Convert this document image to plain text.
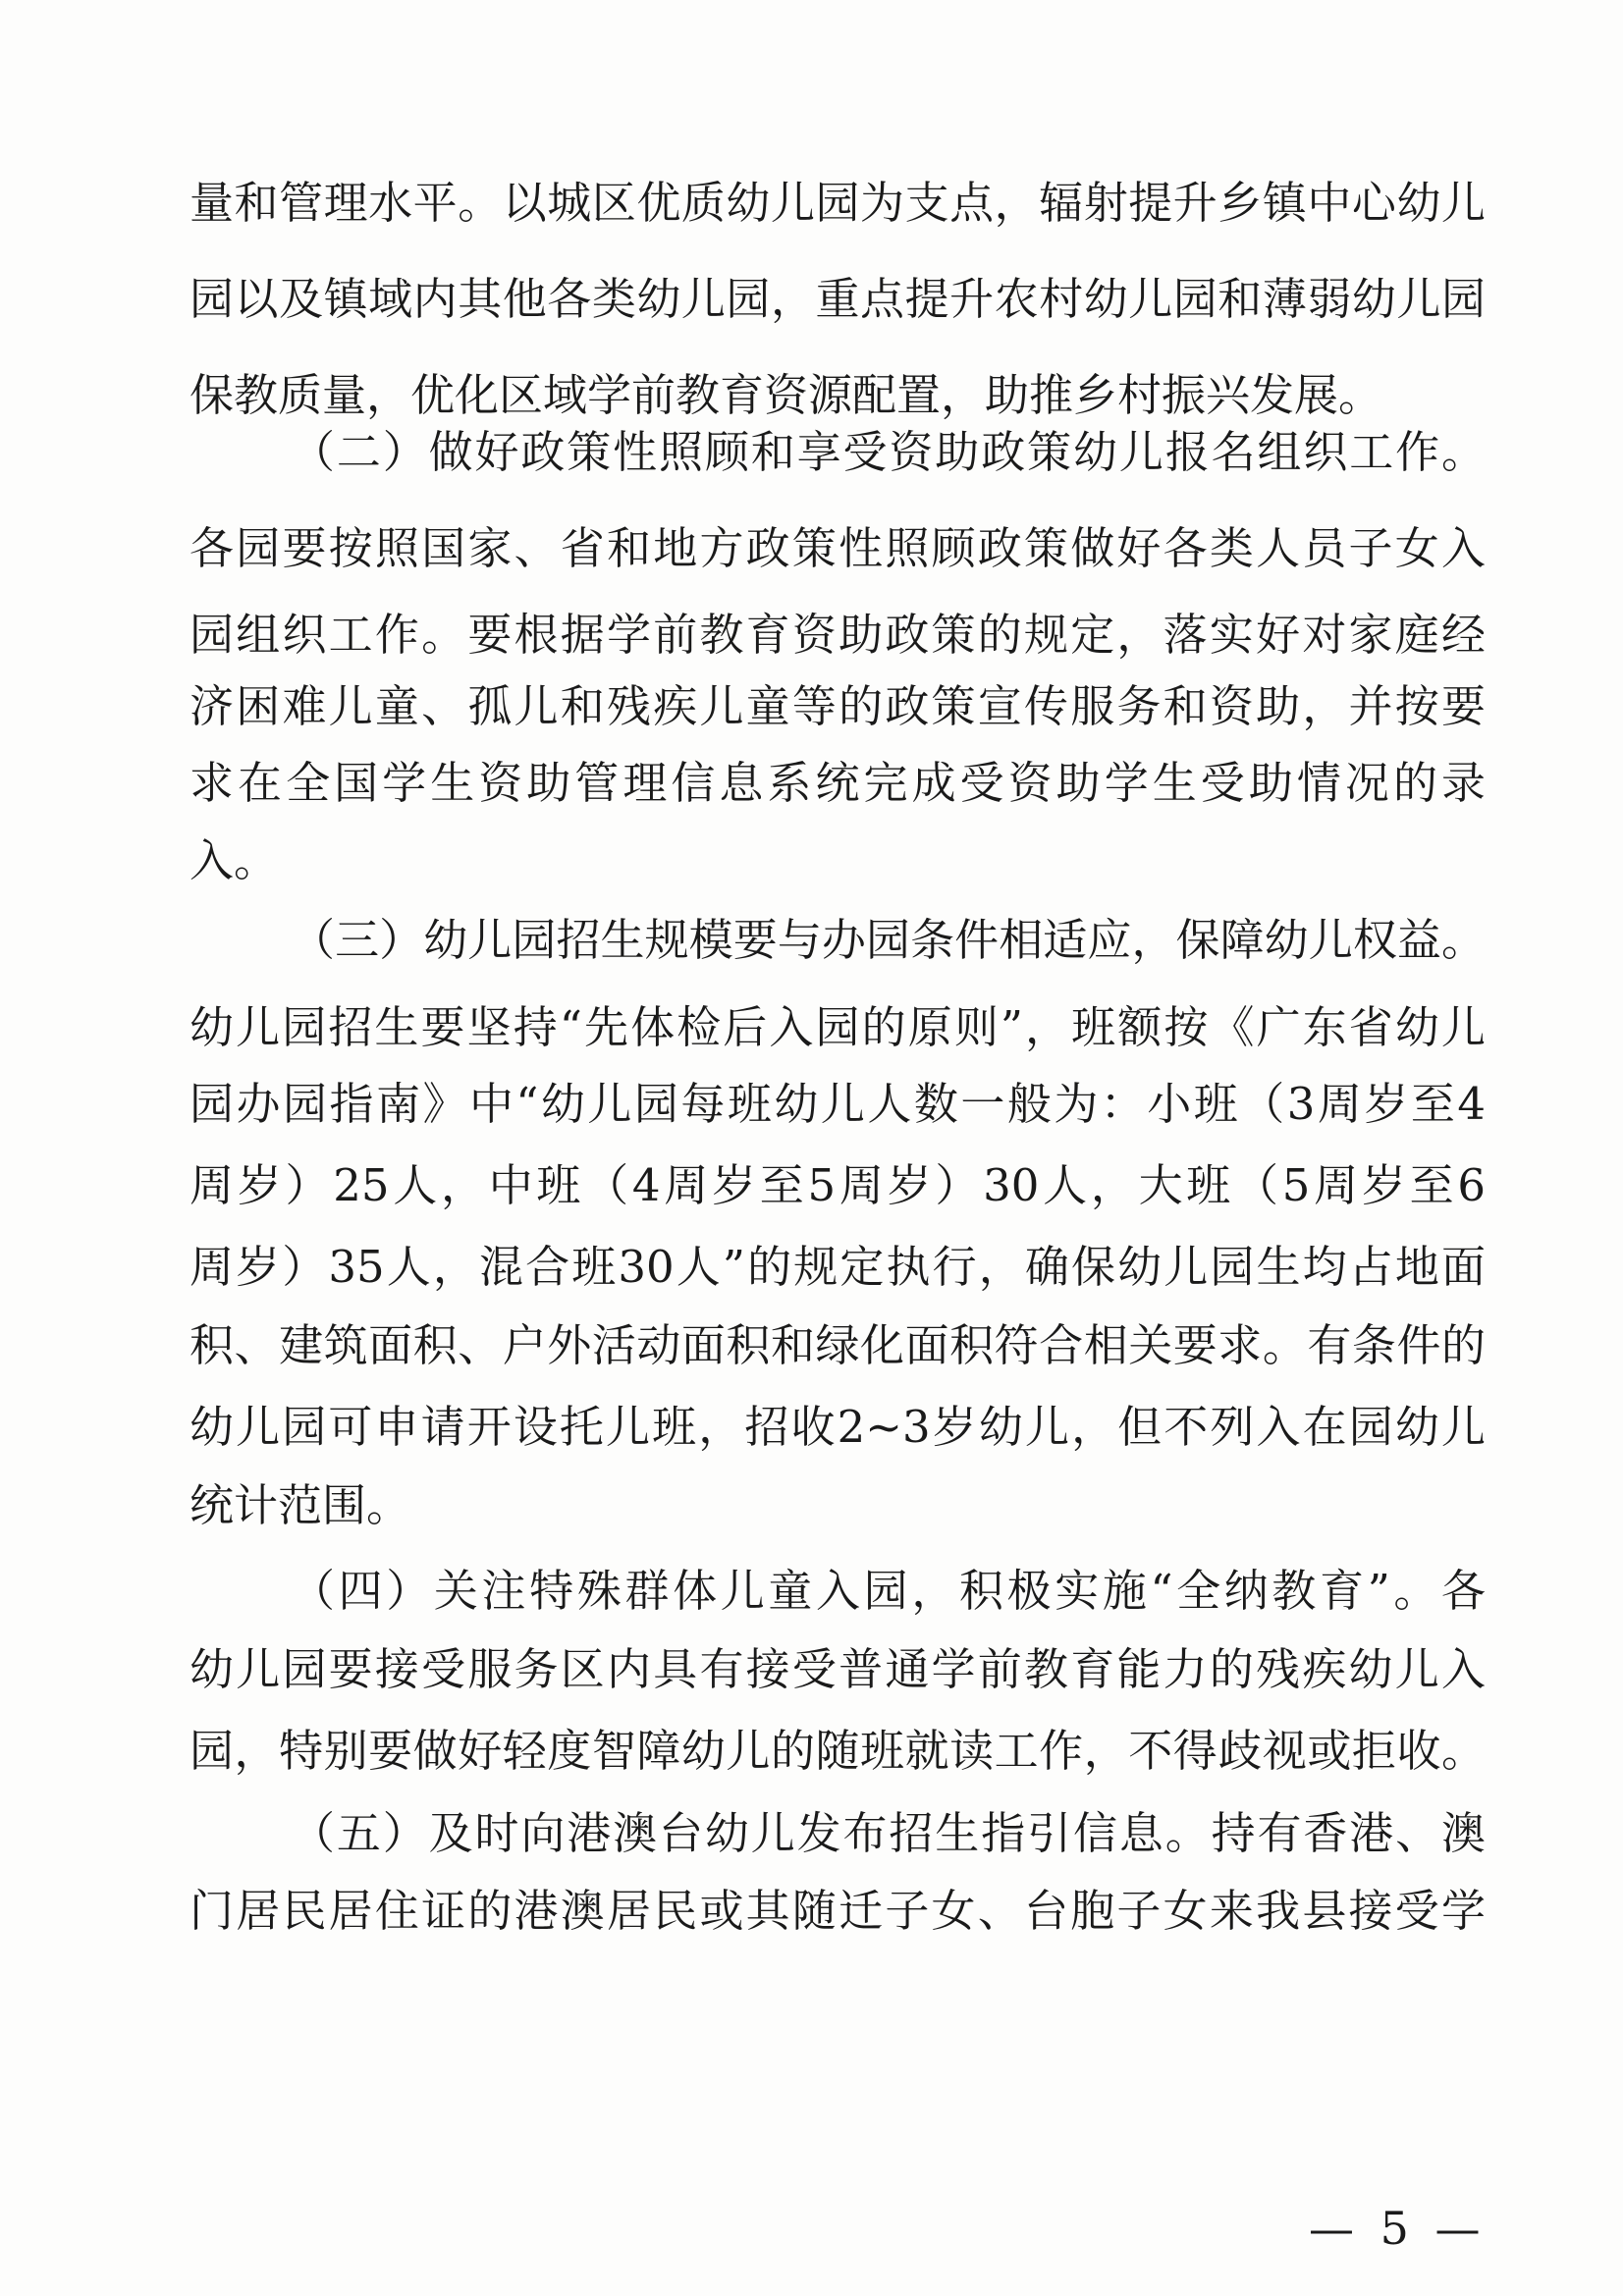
量和管理水平。以城区优质幼儿园为支点，辐射提升乡镇中心幼儿
园以及镇域内其他各类幼儿园，重点提升农村幼儿园和薄弱幼儿园
保教质量，优化区域学前教育资源配置，助推乡村振兴发展。
（二）做好政策性照顾和享受资助政策幼儿报名组织工作。
各园要按照国家、省和地方政策性照顾政策做好各类人员子女入
园组织工作。要根据学前教育资助政策的规定，落实好对家庭经
济困难儿童、孤儿和残疾儿童等的政策宣传服务和资助，并按要
求在全国学生资助管理信息系统完成受资助学生受助情况的录
入。
（三）幼儿园招生规模要与办园条件相适应，保障幼儿权益。
幼儿园招生要坚持“先体检后入园的原则”，班额按《广东省幼儿
园办园指南》中“幼儿园每班幼儿人数一般为：小班（3周岁至4
周岁）25人，中班（4周岁至5周岁）30人，大班（5周岁至6
周岁）35人，混合班30人”的规定执行，确保幼儿园生均占地面
积、建筑面积、户外活动面积和绿化面积符合相关要求。有条件的
幼儿园可申请开设托儿班，招收2~3岁幼儿，但不列入在园幼儿
统计范围。
（四）关注特殊群体儿童入园，积极实施“全纳教育”。各
幼儿园要接受服务区内具有接受普通学前教育能力的残疾幼儿入
园，特别要做好轻度智障幼儿的随班就读工作，不得歧视或拒收。
（五）及时向港澳台幼儿发布招生指引信息。持有香港、澳
门居民居住证的港澳居民或其随迁子女、台胞子女来我县接受学
— 5 —
